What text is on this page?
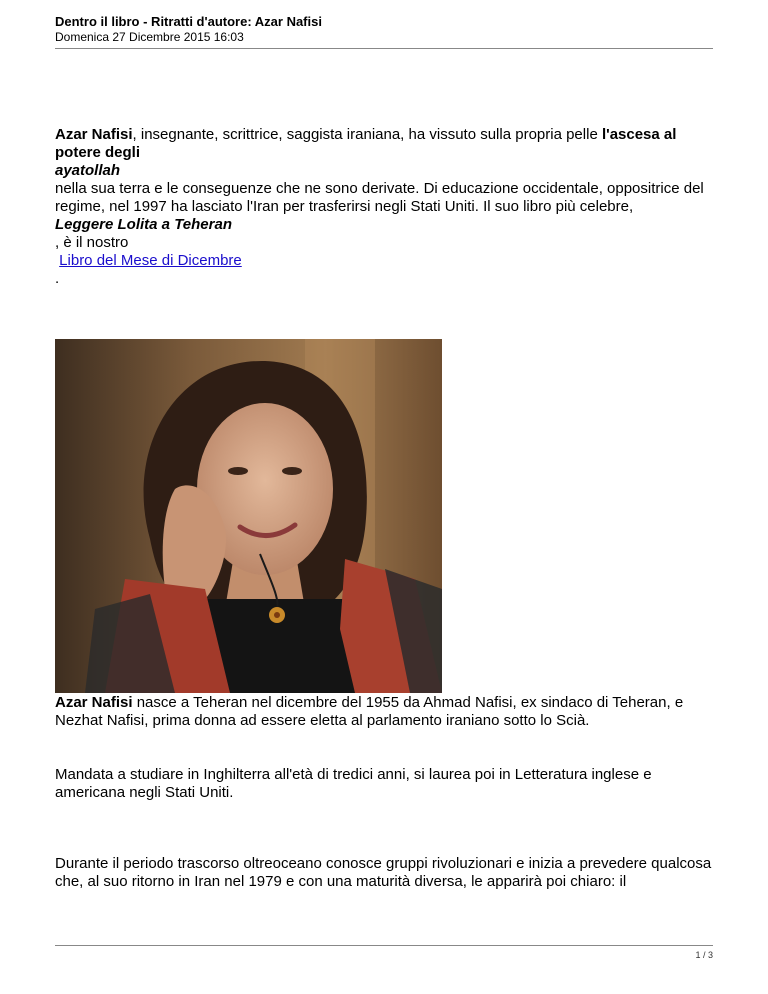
Dentro il libro - Ritratti d'autore: Azar Nafisi
Domenica 27 Dicembre 2015 16:03

Azar Nafisi, insegnante, scrittrice, saggista iraniana, ha vissuto sulla propria pelle l'ascesa al potere degli

ayatollah

nella sua terra e le conseguenze che ne sono derivate. Di educazione occidentale, oppositrice del regime, nel 1997 ha lasciato l'Iran per trasferirsi negli Stati Uniti. Il suo libro più celebre,

Leggere Lolita a Teheran

, è il nostro

Libro del Mese di Dicembre

.

Azar Nafisi nasce a Teheran nel dicembre del 1955 da Ahmad Nafisi, ex sindaco di Teheran, e Nezhat Nafisi, prima donna ad essere eletta al parlamento iraniano sotto lo Scià.

Mandata a studiare in Inghilterra all'età di tredici anni, si laurea poi in Letteratura inglese e americana negli Stati Uniti.

Durante il periodo trascorso oltreoceano conosce gruppi rivoluzionari e inizia a prevedere qualcosa che, al suo ritorno in Iran nel 1979 e con una maturità diversa, le apparirà poi chiaro: il

1 / 3
